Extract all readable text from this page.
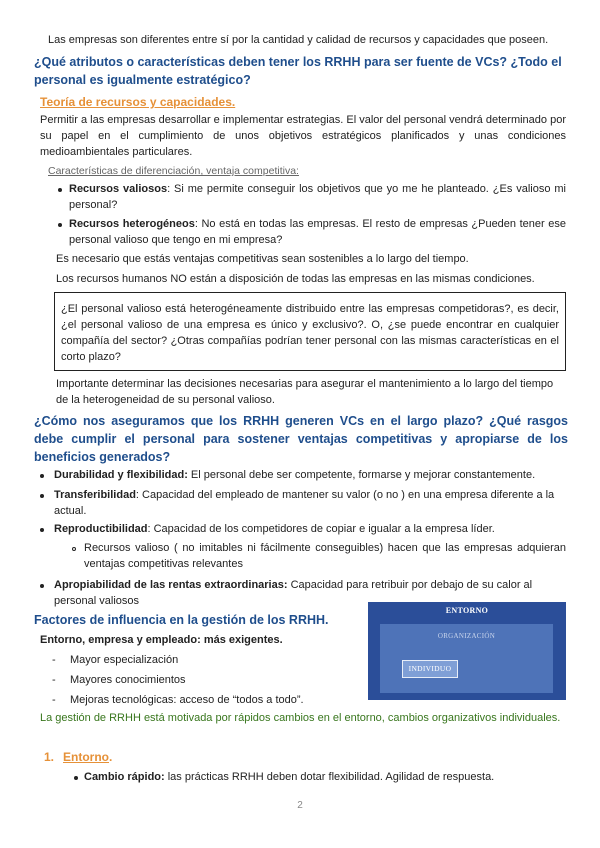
Las empresas son diferentes entre sí por la cantidad y calidad de recursos y capacidades que poseen.

¿Qué atributos o características deben tener los RRHH para ser fuente de VCs? ¿Todo el personal es igualmente estratégico?

Teoría de recursos y capacidades.

Permitir a las empresas desarrollar e implementar estrategias. El valor del personal vendrá determinado por su papel en el cumplimiento de unos objetivos estratégicos planificados y unas condiciones medioambientales particulares.

Características de diferenciación, ventaja competitiva:

Recursos valiosos: Si me permite conseguir los objetivos que yo me he planteado. ¿Es valioso mi personal?

Recursos heterogéneos: No está en todas las empresas. El resto de empresas ¿Pueden tener ese personal valioso que tengo en mi empresa?

Es necesario que estás ventajas competitivas sean sostenibles a lo largo del tiempo.

Los recursos humanos NO están a disposición de todas las empresas en las mismas condiciones.

¿El personal valioso está heterogéneamente distribuido entre las empresas competidoras?, es decir, ¿el personal valioso de una empresa es único y exclusivo?. O, ¿se puede encontrar en cualquier compañía del sector? ¿Otras compañías podrían tener personal con las mismas características en el corto plazo?

Importante determinar las decisiones necesarias para asegurar el mantenimiento a lo largo del tiempo de la heterogeneidad de su personal valioso.

¿Cómo nos aseguramos que los RRHH generen VCs en el largo plazo? ¿Qué rasgos debe cumplir el personal para sostener ventajas competitivas y apropiarse de los beneficios generados?

Durabilidad y flexibilidad: El personal debe ser competente, formarse y mejorar constantemente.

Transferibilidad: Capacidad del empleado de mantener su valor (o no ) en una empresa diferente a la actual.

Reproductibilidad: Capacidad de los competidores de copiar e igualar a la empresa líder.

Recursos valioso ( no imitables ni fácilmente conseguibles) hacen que las empresas adquieran ventajas competitivas relevantes

Apropiabilidad de las rentas extraordinarias: Capacidad para retribuir por debajo de su calor al personal valiosos

Factores de influencia en la gestión de los RRHH.

Entorno, empresa y empleado: más exigentes.

- Mayor especialización

- Mayores conocimientos

- Mejoras tecnológicas: acceso de “todos a todo”.

ENTORNO
ORGANIZACIÓN
INDIVIDUO

La gestión de RRHH está motivada por rápidos cambios en el entorno, cambios organizativos individuales.

1. Entorno.

Cambio rápido: las prácticas RRHH deben dotar flexibilidad. Agilidad de respuesta.

2
